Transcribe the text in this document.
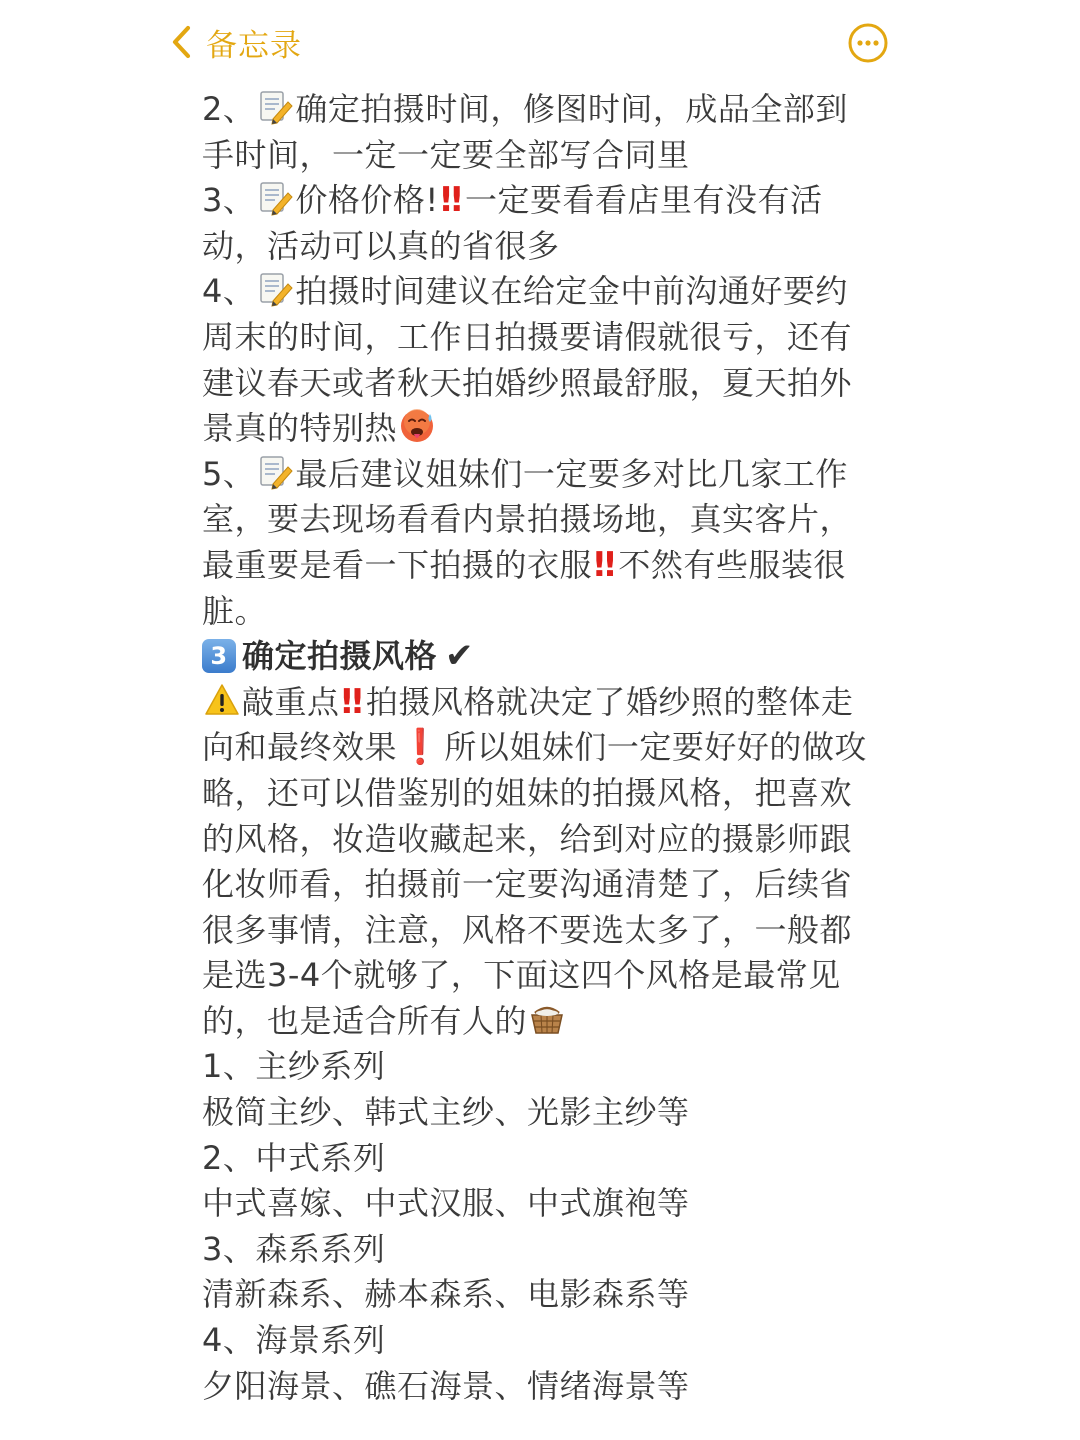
备忘录
2、 确定拍摄时间，修图时间，成品全部到
手时间，一定一定要全部写合同里
3、 价格价格!‼ 一定要看看店里有没有活
动，活动可以真的省很多
4、 拍摄时间建议在给定金中前沟通好要约
周末的时间，工作日拍摄要请假就很亏，还有
建议春天或者秋天拍婚纱照最舒服，夏天拍外
景真的特别热
5、 最后建议姐妹们一定要多对比几家工作
室，要去现场看看内景拍摄场地，真实客片，
最重要是看一下拍摄的衣服‼ 不然有些服装很
脏。
3 确定拍摄风格 ✔
敲重点‼ 拍摄风格就决定了婚纱照的整体走
向和最终效果❗ 所以姐妹们一定要好好的做攻
略，还可以借鉴别的姐妹的拍摄风格，把喜欢
的风格，妆造收藏起来，给到对应的摄影师跟
化妆师看，拍摄前一定要沟通清楚了，后续省
很多事情，注意，风格不要选太多了，一般都
是选3-4个就够了，下面这四个风格是最常见
的，也是适合所有人的
1、主纱系列
极简主纱、韩式主纱、光影主纱等
2、中式系列
中式喜嫁、中式汉服、中式旗袍等
3、森系系列
清新森系、赫本森系、电影森系等
4、海景系列
夕阳海景、礁石海景、情绪海景等
